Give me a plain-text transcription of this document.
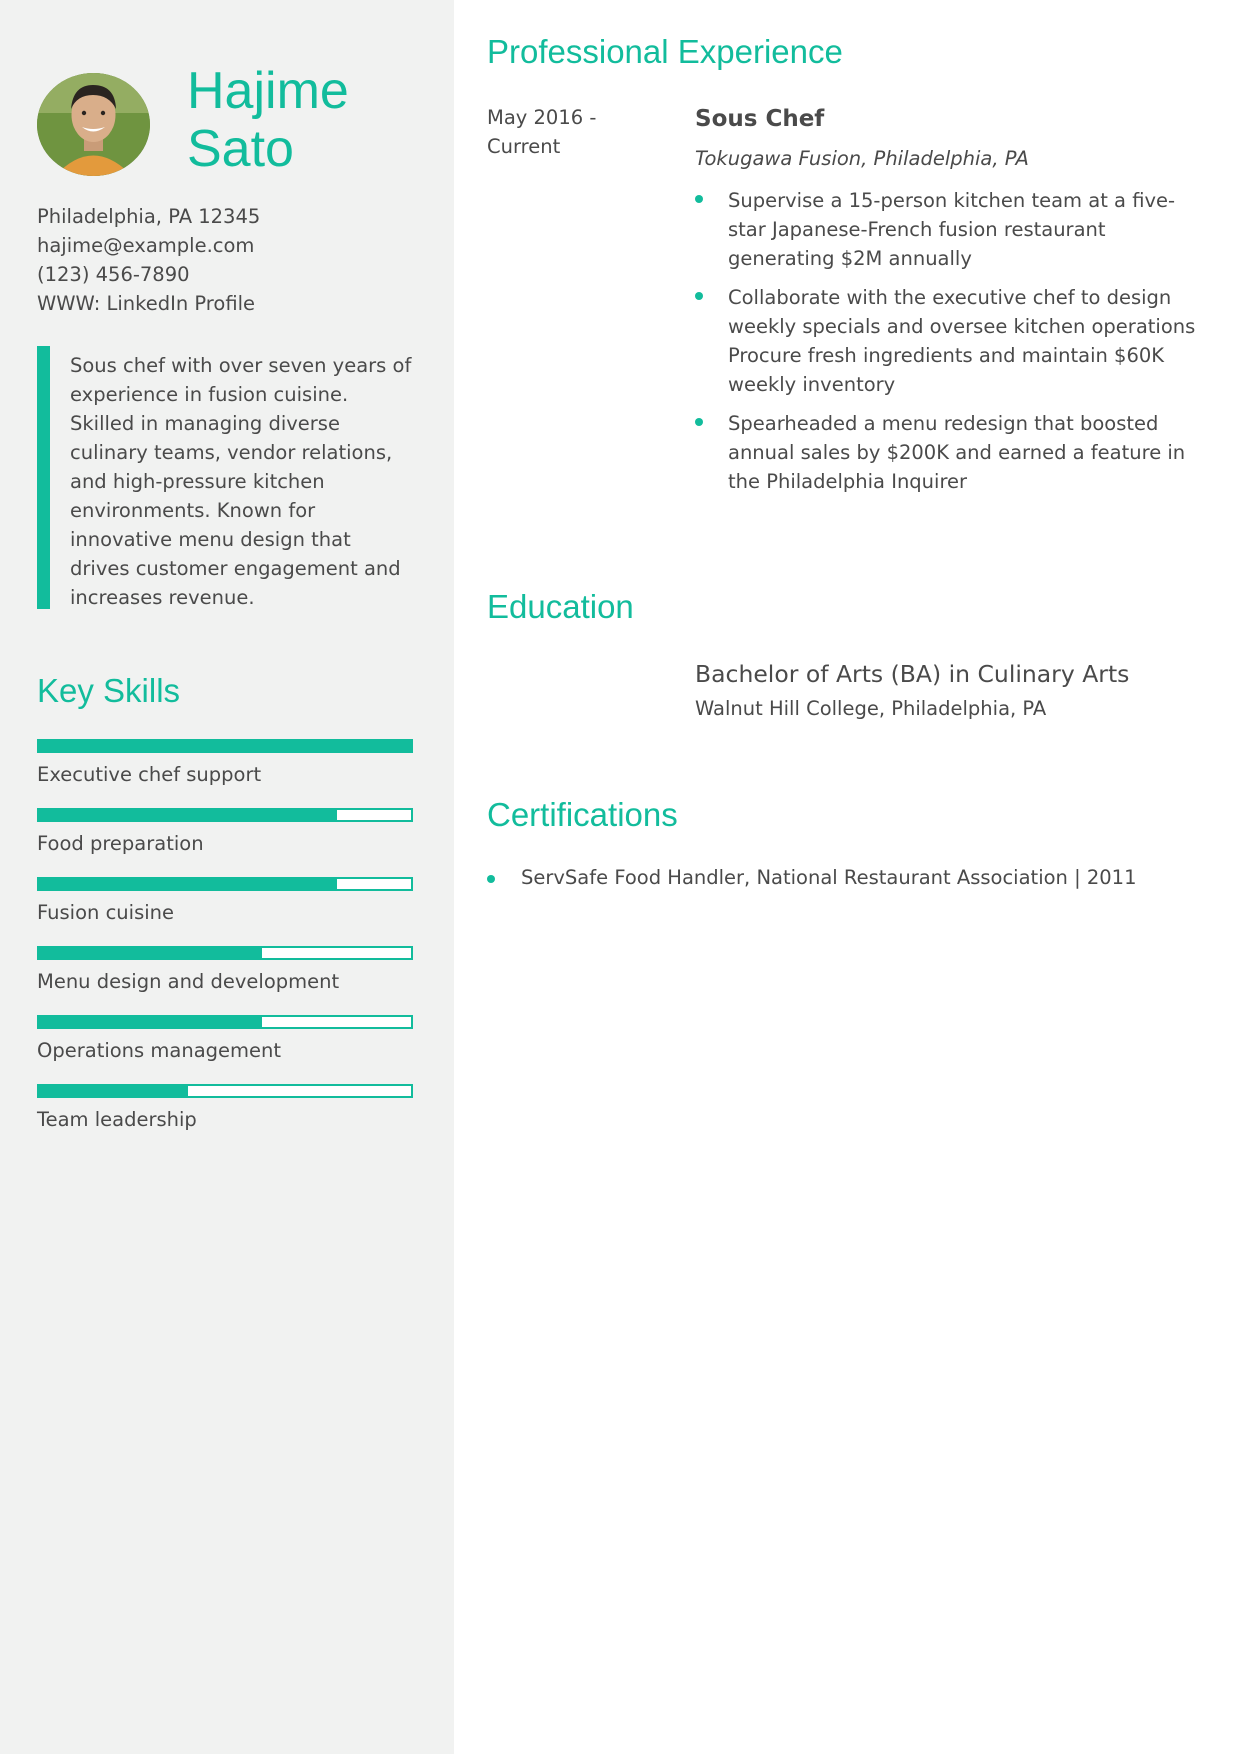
Hajime
Sato
Philadelphia, PA 12345
hajime@example.com
(123) 456-7890
WWW: LinkedIn Profile

Sous chef with over seven years of experience in fusion cuisine. Skilled in managing diverse culinary teams, vendor relations, and high-pressure kitchen environments. Known for innovative menu design that drives customer engagement and increases revenue.

Key Skills
Executive chef support
Food preparation
Fusion cuisine
Menu design and development
Operations management
Team leadership
Professional Experience
May 2016 -
Current
Sous Chef
Tokugawa Fusion, Philadelphia, PA
Supervise a 15-person kitchen team at a five-star Japanese-French fusion restaurant generating $2M annually
Collaborate with the executive chef to design weekly specials and oversee kitchen operations
Procure fresh ingredients and maintain $60K weekly inventory
Spearheaded a menu redesign that boosted annual sales by $200K and earned a feature in the Philadelphia Inquirer
Education
Bachelor of Arts (BA) in Culinary Arts
Walnut Hill College, Philadelphia, PA
Certifications
ServSafe Food Handler, National Restaurant Association | 2011
